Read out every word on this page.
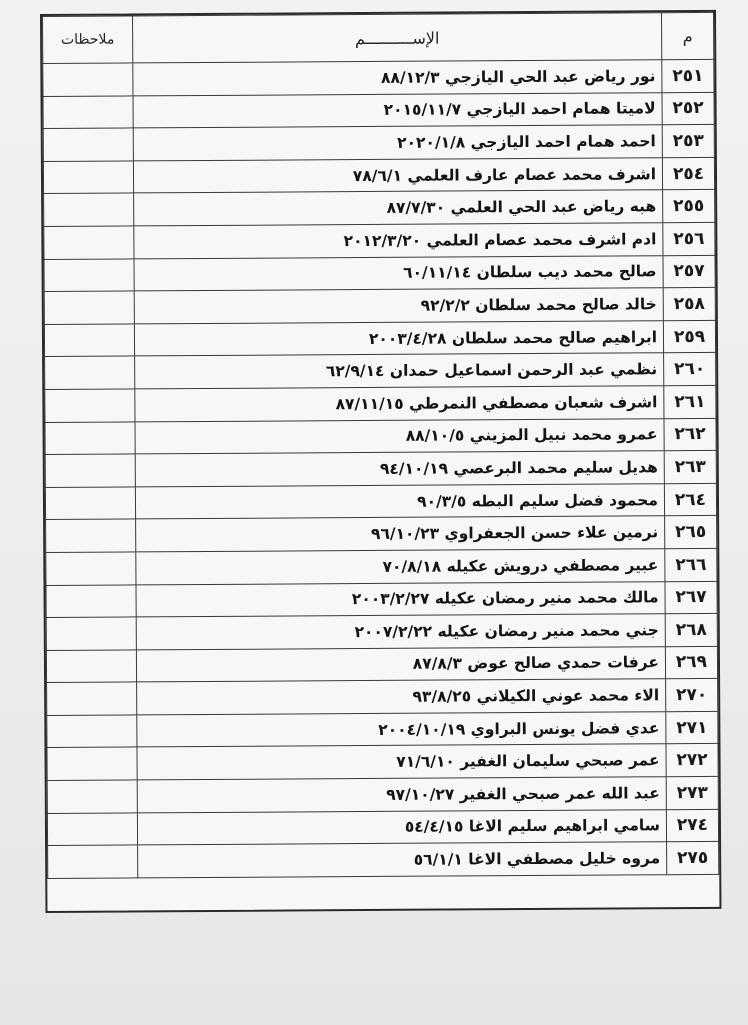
م	الإســــــــــم	ملاحظات
٢٥١	نور رياض عبد الحي اليازجي ٨٨/١٢/٣	
٢٥٢	لاميتا همام احمد اليازجي ٢٠١٥/١١/٧	
٢٥٣	احمد همام احمد اليازجي ٢٠٢٠/١/٨	
٢٥٤	اشرف محمد عصام عارف العلمي ٧٨/٦/١	
٢٥٥	هبه رياض عبد الحي العلمي ٨٧/٧/٣٠	
٢٥٦	ادم اشرف محمد عصام العلمي ٢٠١٢/٣/٢٠	
٢٥٧	صالح محمد ديب سلطان ٦٠/١١/١٤	
٢٥٨	خالد صالح محمد سلطان ٩٢/٢/٢	
٢٥٩	ابراهيم صالح محمد سلطان ٢٠٠٣/٤/٢٨	
٢٦٠	نظمي عبد الرحمن اسماعيل حمدان ٦٢/٩/١٤	
٢٦١	اشرف شعبان مصطفي النمرطي ٨٧/١١/١٥	
٢٦٢	عمرو محمد نبيل المزيني ٨٨/١٠/٥	
٢٦٣	هديل سليم محمد البرعصي ٩٤/١٠/١٩	
٢٦٤	محمود فضل سليم البطه ٩٠/٣/٥	
٢٦٥	نرمين علاء حسن الجعفراوي ٩٦/١٠/٢٣	
٢٦٦	عبير مصطفي درويش عكيله ٧٠/٨/١٨	
٢٦٧	مالك محمد منير رمضان عكيله ٢٠٠٣/٢/٢٧	
٢٦٨	جني محمد منير رمضان عكيله ٢٠٠٧/٢/٢٢	
٢٦٩	عرفات حمدي صالح عوض ٨٧/٨/٣	
٢٧٠	الاء محمد عوني الكيلاني ٩٣/٨/٢٥	
٢٧١	عدي فضل يونس البراوي ٢٠٠٤/١٠/١٩	
٢٧٢	عمر صبحي سليمان الغفير ٧١/٦/١٠	
٢٧٣	عبد الله عمر صبحي الغفير ٩٧/١٠/٢٧	
٢٧٤	سامي ابراهيم سليم الاغا ٥٤/٤/١٥	
٢٧٥	مروه خليل مصطفي الاغا ٥٦/١/١	
